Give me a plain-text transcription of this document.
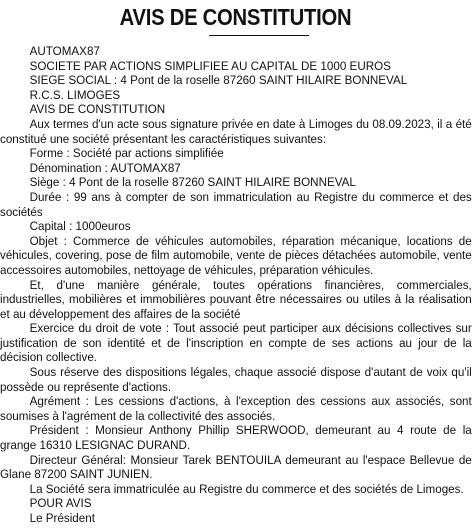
AVIS DE CONSTITUTION
AUTOMAX87
SOCIETE PAR ACTIONS SIMPLIFIEE AU CAPITAL DE 1000 EUROS
SIEGE SOCIAL : 4 Pont de la roselle 87260 SAINT HILAIRE BONNEVAL
R.C.S. LIMOGES
AVIS DE CONSTITUTION
Aux termes d'un acte sous signature privée en date à Limoges du 08.09.2023, il a été constitué une société présentant les caractéristiques suivantes:
Forme : Société par actions simplifiée
Dénomination : AUTOMAX87
Siège : 4 Pont de la roselle 87260 SAINT HILAIRE BONNEVAL
Durée : 99 ans à compter de son immatriculation au Registre du commerce et des sociétés
Capital : 1000euros
Objet : Commerce de véhicules automobiles, réparation mécanique, locations de véhicules, covering, pose de film automobile, vente de pièces détachées automobile, vente accessoires automobiles, nettoyage de véhicules, préparation véhicules.
Et, d'une manière générale, toutes opérations financières, commerciales, industrielles, mobilières et immobilières pouvant être nécessaires ou utiles à la réalisation et au développement des affaires de la société
Exercice du droit de vote : Tout associé peut participer aux décisions collectives sur justification de son identité et de l'inscription en compte de ses actions au jour de la décision collective.
Sous réserve des dispositions légales, chaque associé dispose d'autant de voix qu'il possède ou représente d'actions.
Agrément : Les cessions d'actions, à l'exception des cessions aux associés, sont soumises à l'agrément de la collectivité des associés.
Président : Monsieur Anthony Phillip SHERWOOD, demeurant au 4 route de la grange 16310 LESIGNAC DURAND.
Directeur Général: Monsieur Tarek BENTOUILA demeurant au l'espace Bellevue de Glane 87200 SAINT JUNIEN.
La Société sera immatriculée au Registre du commerce et des sociétés de Limoges.
POUR AVIS
Le Président
